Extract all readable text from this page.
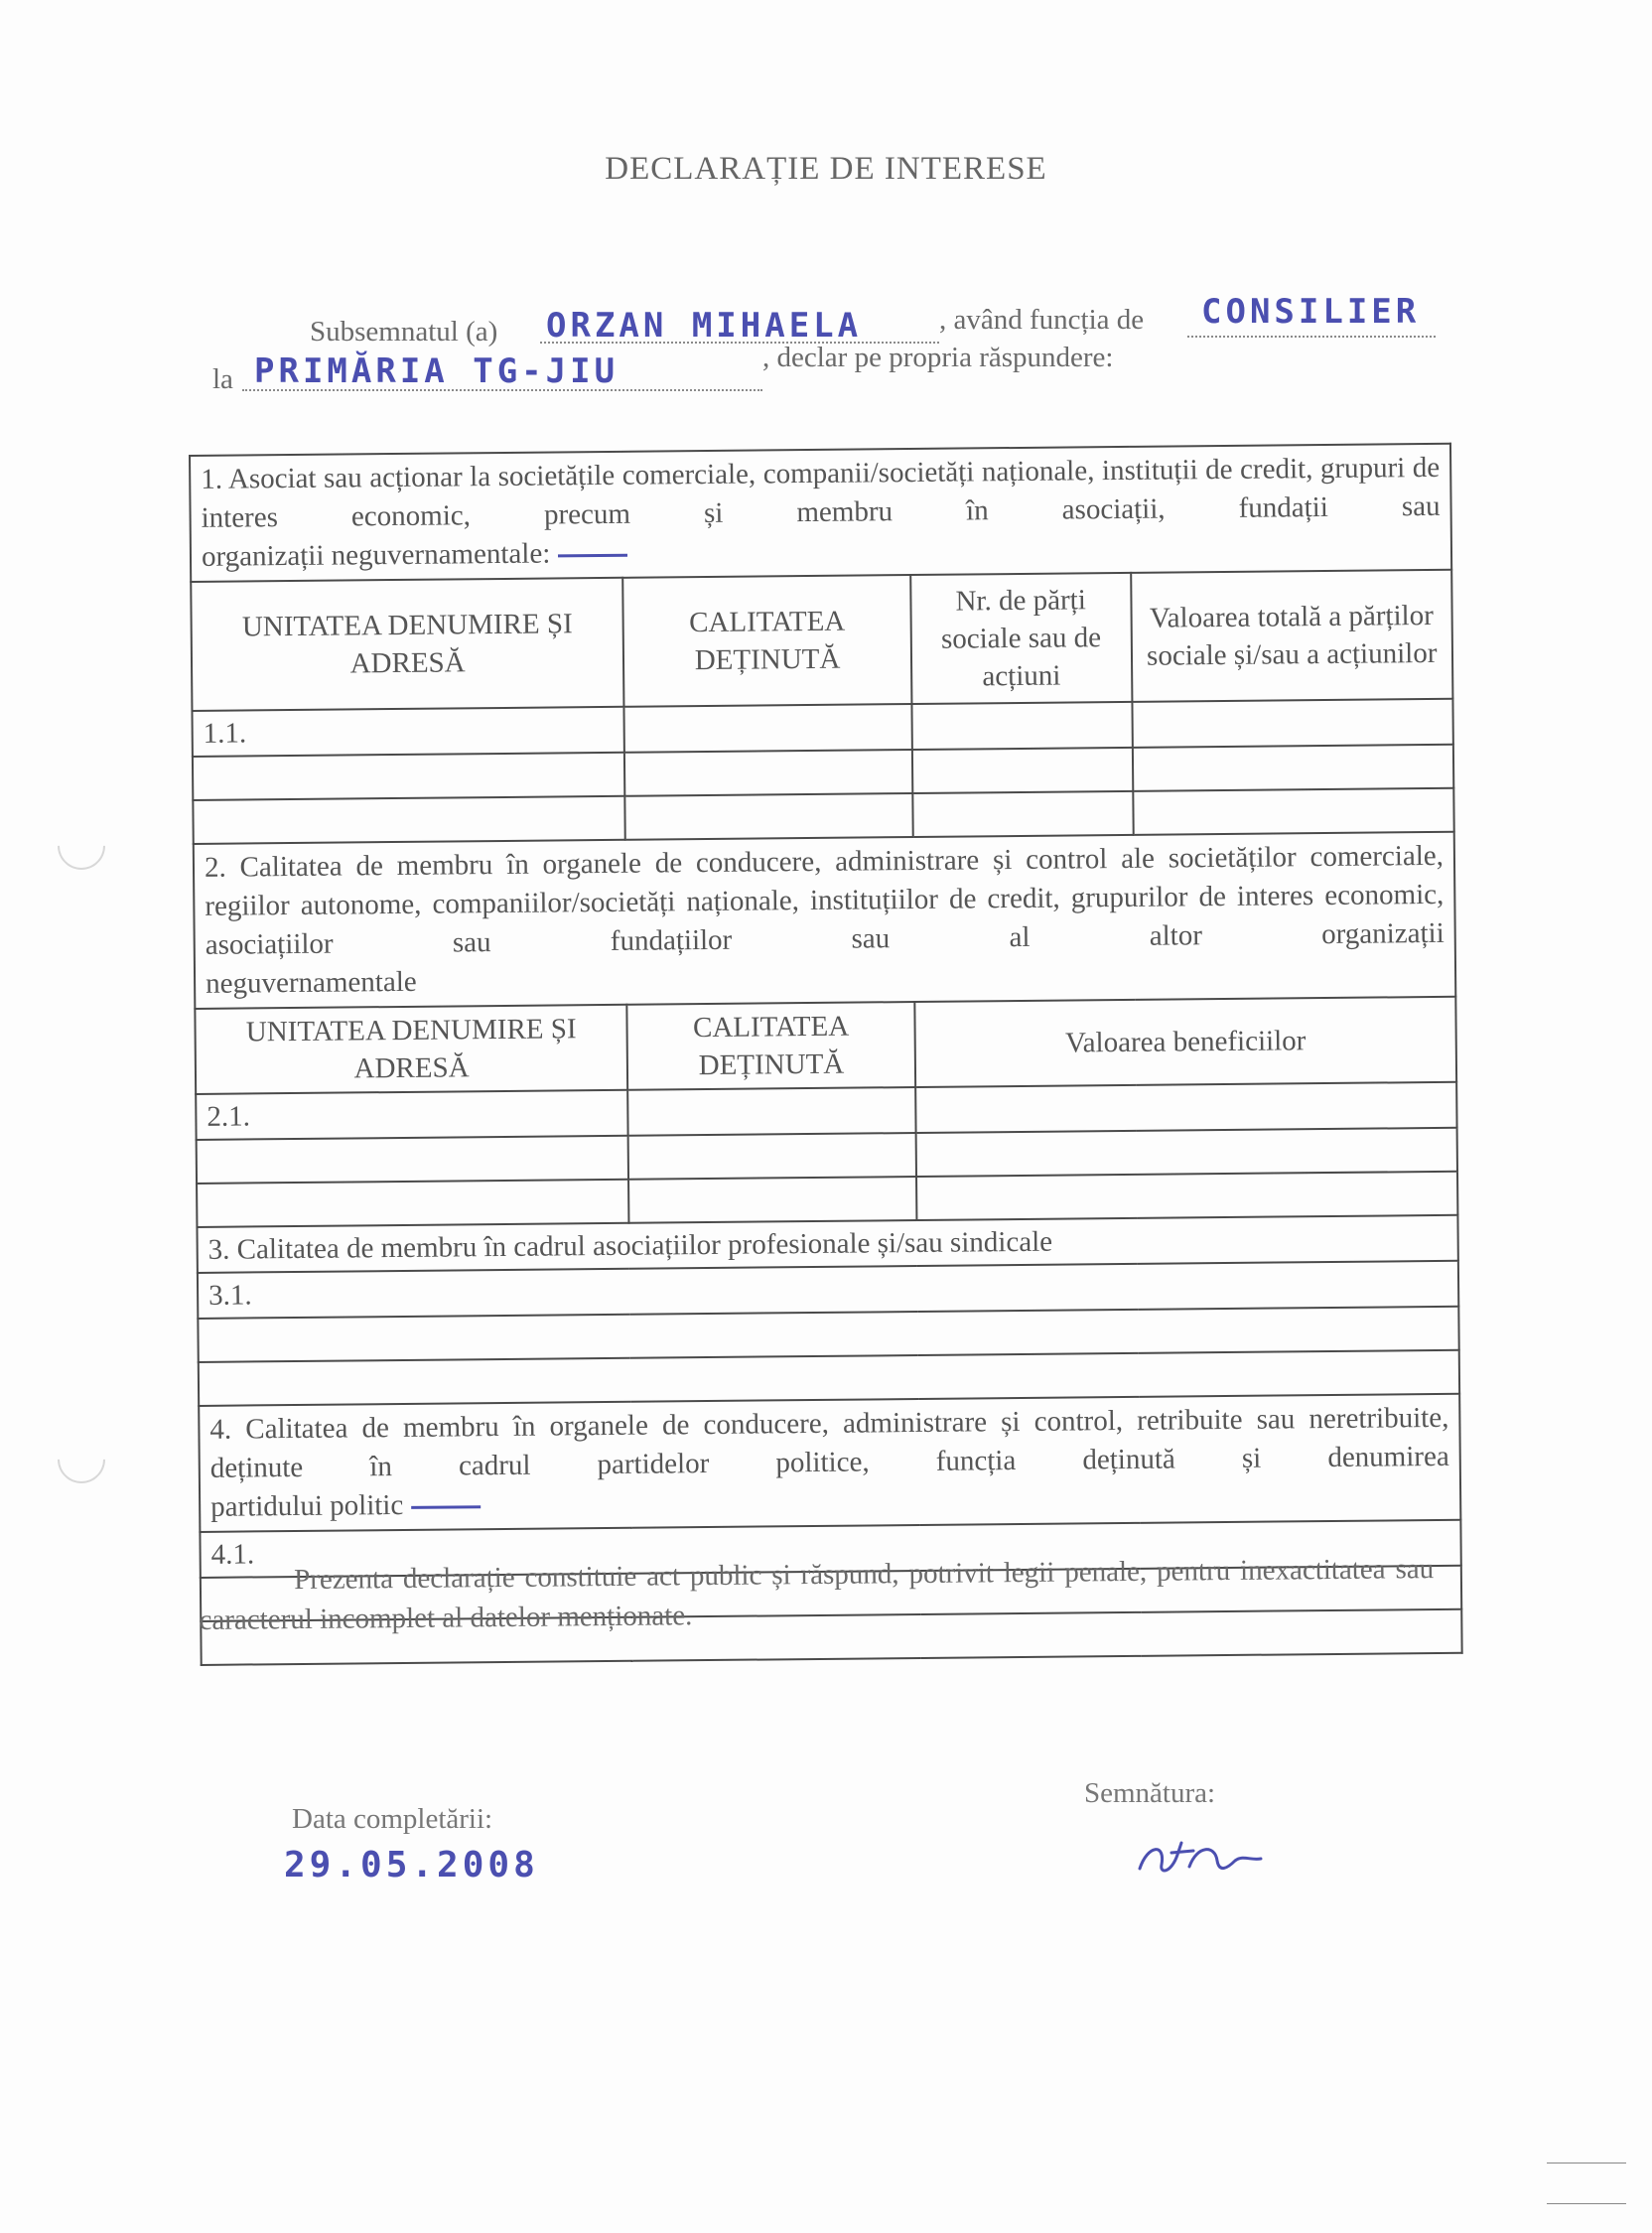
DECLARAȚIE DE INTERESE
Subsemnatul (a) ORZAN MIHAELA	, având funcția de CONSILIER
la PRIMĂRIA TG-JIU	, declar pe propria răspundere:
1. Asociat sau acționar la societățile comerciale, companii/societăți naționale, instituții de credit, grupuri de interes economic, precum și membru în asociații, fundații sau
organizații neguvernamentale:			

UNITATEA DENUMIRE ȘI ADRESĂ	CALITATEA DEȚINUTĂ	Nr. de părți sociale sau de acțiuni	Valoarea totală a părților sociale și/sau a acțiunilor
1.1.			

2. Calitatea de membru în organele de conducere, administrare și control ale societăților comerciale, regiilor autonome, companiilor/societăți naționale, instituțiilor de credit, grupurilor de interes economic, asociațiilor sau fundațiilor sau al altor organizații
neguvernamentale			

UNITATEA DENUMIRE ȘI ADRESĂ	CALITATEA DEȚINUTĂ	Valoarea beneficiilor	
2.1.			

3. Calitatea de membru în cadrul asociațiilor profesionale și/sau sindicale			
3.1.			

4. Calitatea de membru în organele de conducere, administrare și control, retribuite sau neretribuite, deținute în cadrul partidelor politice, funcția deținută și denumirea
partidului politic			

4.1.				Prezenta declarație constituie act public și răspund, potrivit legii penale, pentru inexactitatea sau caracterul incomplet al datelor menționate.
Data completării:
29.05.2008
Semnătura:
